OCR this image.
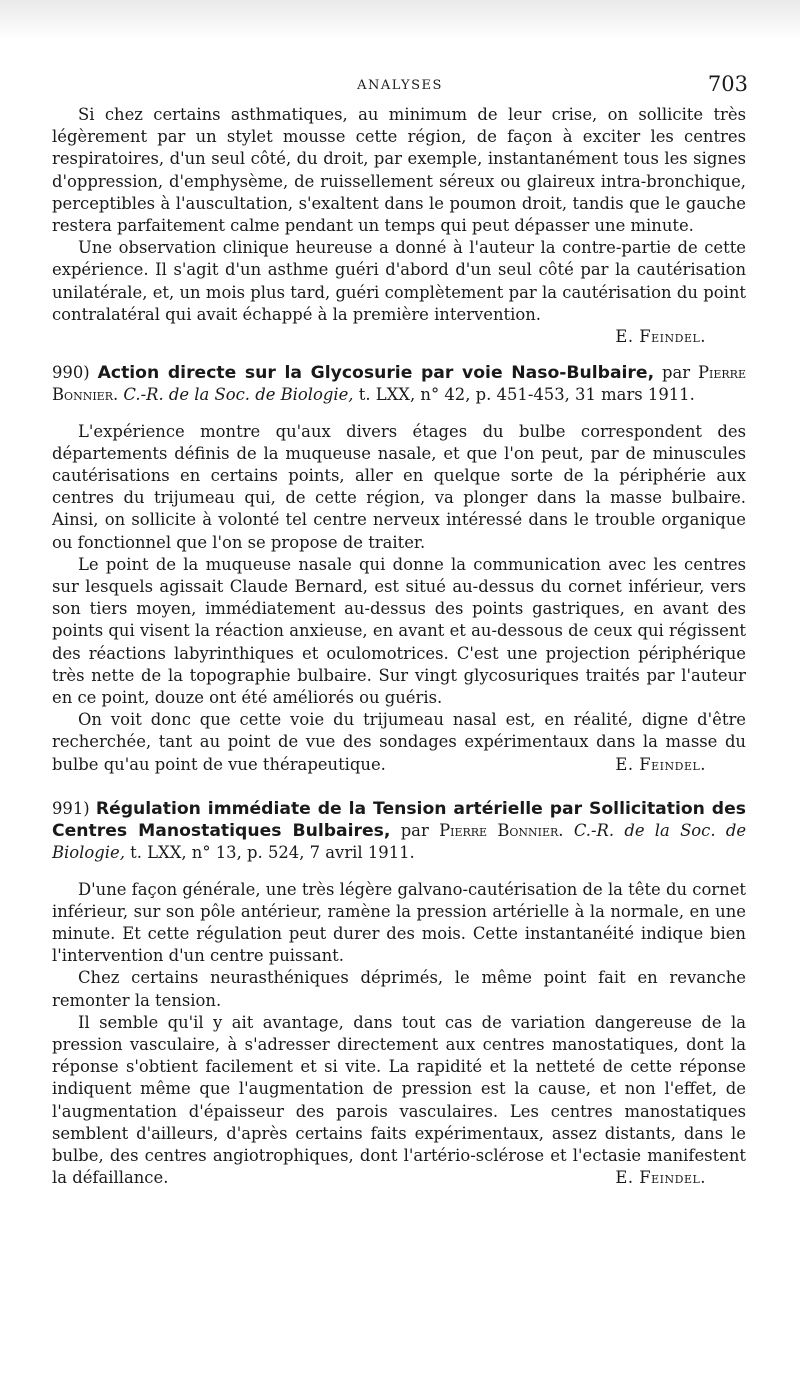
ANALYSES	703

Si chez certains asthmatiques, au minimum de leur crise, on sollicite très légèrement par un stylet mousse cette région, de façon à exciter les centres respiratoires, d'un seul côté, du droit, par exemple, instantanément tous les signes d'oppression, d'emphysème, de ruissellement séreux ou glaireux intra-bronchique, perceptibles à l'auscultation, s'exaltent dans le poumon droit, tandis que le gauche restera parfaitement calme pendant un temps qui peut dépasser une minute.

Une observation clinique heureuse a donné à l'auteur la contre-partie de cette expérience. Il s'agit d'un asthme guéri d'abord d'un seul côté par la cautérisation unilatérale, et, un mois plus tard, guéri complètement par la cautérisation du point contralatéral qui avait échappé à la première intervention.

E. Feindel.

990) Action directe sur la Glycosurie par voie Naso-Bulbaire, par Pierre Bonnier. C.-R. de la Soc. de Biologie, t. LXX, n° 42, p. 451-453, 31 mars 1911.

L'expérience montre qu'aux divers étages du bulbe correspondent des départements définis de la muqueuse nasale, et que l'on peut, par de minuscules cautérisations en certains points, aller en quelque sorte de la périphérie aux centres du trijumeau qui, de cette région, va plonger dans la masse bulbaire. Ainsi, on sollicite à volonté tel centre nerveux intéressé dans le trouble organique ou fonctionnel que l'on se propose de traiter.

Le point de la muqueuse nasale qui donne la communication avec les centres sur lesquels agissait Claude Bernard, est situé au-dessus du cornet inférieur, vers son tiers moyen, immédiatement au-dessus des points gastriques, en avant des points qui visent la réaction anxieuse, en avant et au-dessous de ceux qui régissent des réactions labyrinthiques et oculomotrices. C'est une projection périphérique très nette de la topographie bulbaire. Sur vingt glycosuriques traités par l'auteur en ce point, douze ont été améliorés ou guéris.

On voit donc que cette voie du trijumeau nasal est, en réalité, digne d'être recherchée, tant au point de vue des sondages expérimentaux dans la masse du bulbe qu'au point de vue thérapeutique.	E. Feindel.

991) Régulation immédiate de la Tension artérielle par Sollicitation des Centres Manostatiques Bulbaires, par Pierre Bonnier. C.-R. de la Soc. de Biologie, t. LXX, n° 13, p. 524, 7 avril 1911.

D'une façon générale, une très légère galvano-cautérisation de la tête du cornet inférieur, sur son pôle antérieur, ramène la pression artérielle à la normale, en une minute. Et cette régulation peut durer des mois. Cette instantanéité indique bien l'intervention d'un centre puissant.

Chez certains neurasthéniques déprimés, le même point fait en revanche remonter la tension.

Il semble qu'il y ait avantage, dans tout cas de variation dangereuse de la pression vasculaire, à s'adresser directement aux centres manostatiques, dont la réponse s'obtient facilement et si vite. La rapidité et la netteté de cette réponse indiquent même que l'augmentation de pression est la cause, et non l'effet, de l'augmentation d'épaisseur des parois vasculaires. Les centres manostatiques semblent d'ailleurs, d'après certains faits expérimentaux, assez distants, dans le bulbe, des centres angiotrophiques, dont l'artério-sclérose et l'ectasie manifestent la défaillance.	E. Feindel.
